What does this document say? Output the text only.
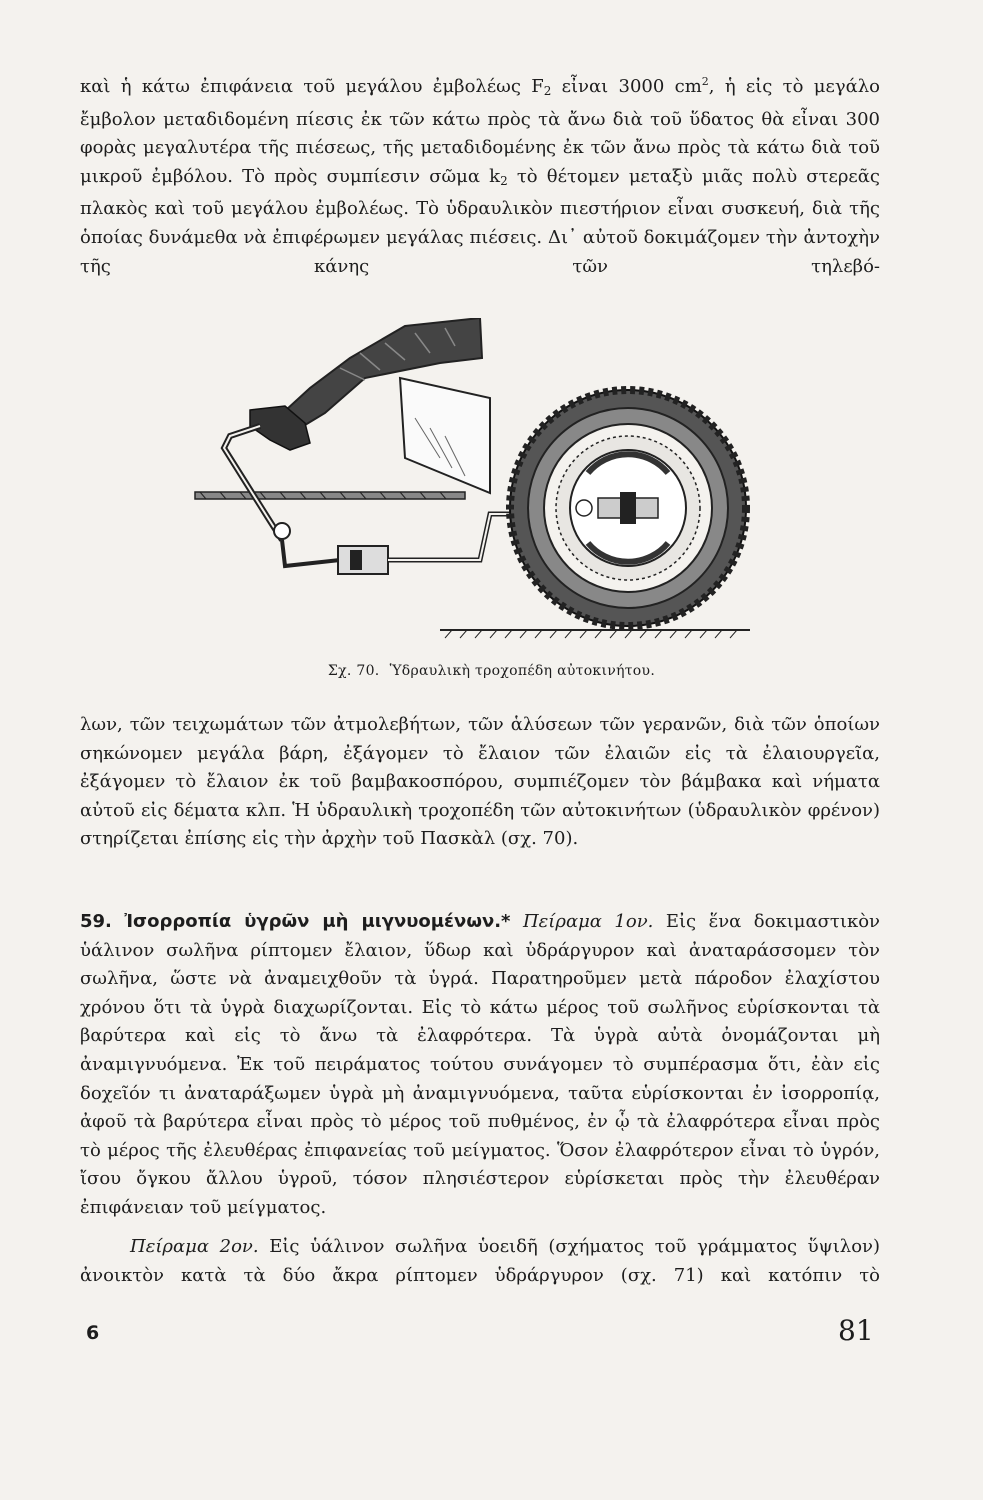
καὶ ἡ κάτω ἐπιφάνεια τοῦ μεγάλου ἐμβολέως $F_2$ εἶναι 3000 $cm^2$, ἡ εἰς τὸ μεγάλο ἔμβολον μεταδιδομένη πίεσις ἐκ τῶν κάτω πρὸς τὰ ἄνω διὰ τοῦ ὕδατος θὰ εἶναι 300 φορὰς μεγαλυτέρα τῆς πιέσεως, τῆς μεταδιδομένης ἐκ τῶν ἄνω πρὸς τὰ κάτω διὰ τοῦ μικροῦ ἐμβόλου. Τὸ πρὸς συμπίεσιν σῶμα $k_2$ τὸ θέτομεν μεταξὺ μιᾶς πολὺ στερεᾶς πλακὸς καὶ τοῦ μεγάλου ἐμβολέως. Τὸ ὑδραυλικὸν πιεστήριον εἶναι συσκευή, διὰ τῆς ὁποίας δυνάμεθα νὰ ἐπιφέρωμεν μεγάλας πιέσεις. Δι᾿ αὐτοῦ δοκιμάζομεν τὴν ἀντοχὴν τῆς κάνης τῶν τηλεβό-

Σχ. 70. Ὑδραυλικὴ τροχοπέδη αὐτοκινήτου.

λων, τῶν τειχωμάτων τῶν ἀτμολεβήτων, τῶν ἁλύσεων τῶν γερανῶν, διὰ τῶν ὁποίων σηκώνομεν μεγάλα βάρη, ἐξάγομεν τὸ ἔλαιον τῶν ἐλαιῶν εἰς τὰ ἐλαιουργεῖα, ἐξάγομεν τὸ ἔλαιον ἐκ τοῦ βαμβακοσπόρου, συμπιέζομεν τὸν βάμβακα καὶ νήματα αὐτοῦ εἰς δέματα κλπ. Ἡ ὑδραυλικὴ τροχοπέδη τῶν αὐτοκινήτων (ὑδραυλικὸν φρένον) στηρίζεται ἐπίσης εἰς τὴν ἀρχὴν τοῦ Πασκὰλ (σχ. 70).

59. Ἰσορροπία ὑγρῶν μὴ μιγνυομένων.* Πείραμα 1ον. Εἰς ἕνα δοκιμαστικὸν ὑάλινον σωλῆνα ρίπτομεν ἔλαιον, ὕδωρ καὶ ὑδράργυρον καὶ ἀναταράσσομεν τὸν σωλῆνα, ὥστε νὰ ἀναμειχθοῦν τὰ ὑγρά. Παρατηροῦμεν μετὰ πάροδον ἐλαχίστου χρόνου ὅτι τὰ ὑγρὰ διαχωρίζονται. Εἰς τὸ κάτω μέρος τοῦ σωλῆνος εὑρίσκονται τὰ βαρύτερα καὶ εἰς τὸ ἄνω τὰ ἐλαφρότερα. Τὰ ὑγρὰ αὐτὰ ὀνομάζονται μὴ ἀναμιγνυόμενα. Ἐκ τοῦ πειράματος τούτου συνάγομεν τὸ συμπέρασμα ὅτι, ἐὰν εἰς δοχεῖόν τι ἀναταράξωμεν ὑγρὰ μὴ ἀναμιγνυόμενα, ταῦτα εὑρίσκονται ἐν ἰσορροπίᾳ, ἀφοῦ τὰ βαρύτερα εἶναι πρὸς τὸ μέρος τοῦ πυθμένος, ἐν ᾧ τὰ ἐλαφρότερα εἶναι πρὸς τὸ μέρος τῆς ἐλευθέρας ἐπιφανείας τοῦ μείγματος. Ὅσον ἐλαφρότερον εἶναι τὸ ὑγρόν, ἴσου ὄγκου ἄλλου ὑγροῦ, τόσον πλησιέστερον εὑρίσκεται πρὸς τὴν ἐλευθέραν ἐπιφάνειαν τοῦ μείγματος.

Πείραμα 2ον. Εἰς ὑάλινον σωλῆνα ὑοειδῆ (σχήματος τοῦ γράμματος ὕψιλον) ἀνοικτὸν κατὰ τὰ δύο ἄκρα ρίπτομεν ὑδράργυρον (σχ. 71) καὶ κατόπιν τὸ

6	81
